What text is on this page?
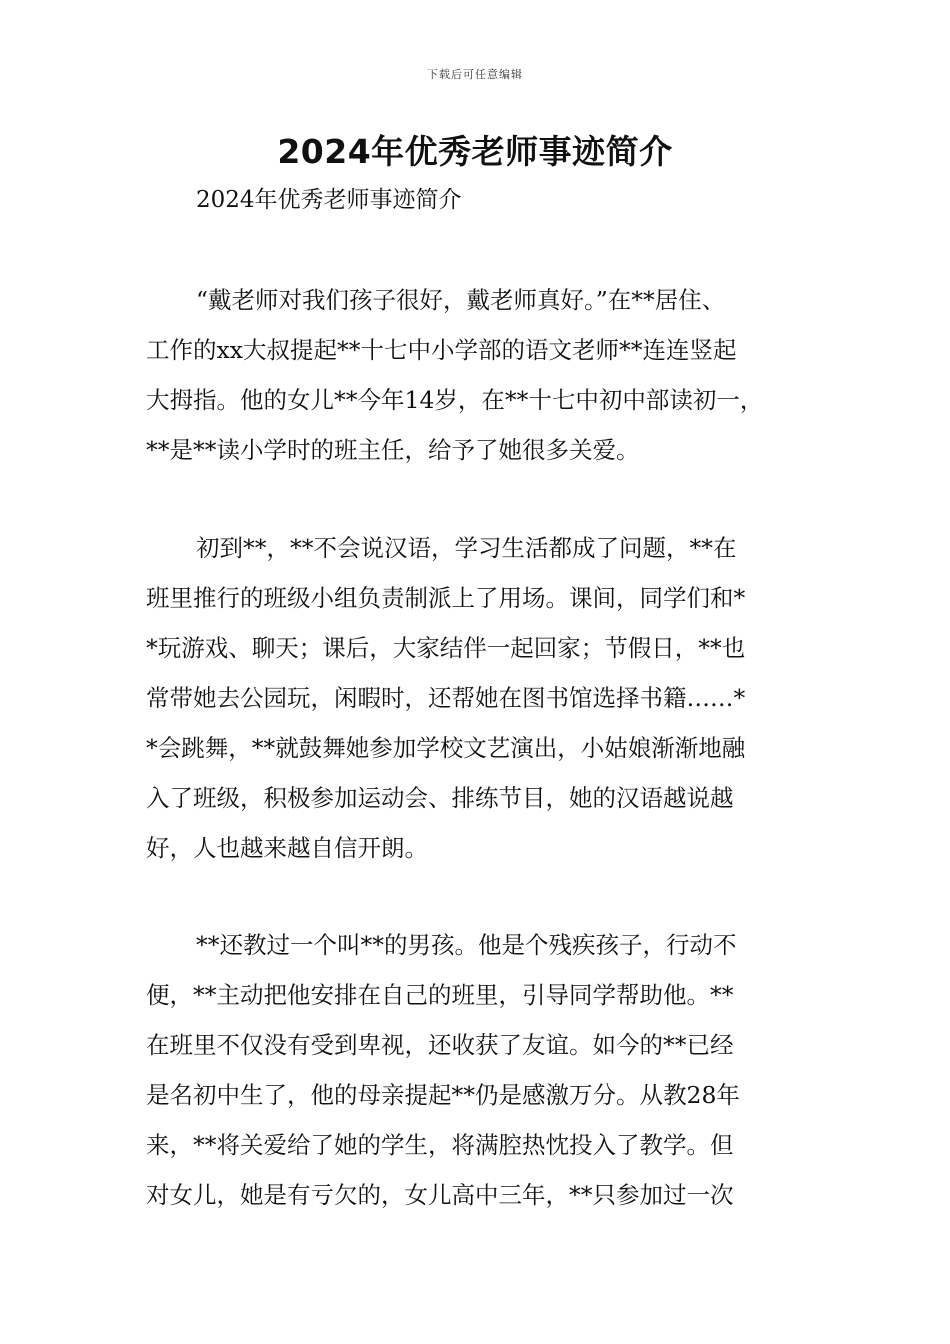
下载后可任意编辑
2024年优秀老师事迹简介
2024年优秀老师事迹简介
“戴老师对我们孩子很好，戴老师真好。”在**居住、
工作的xx大叔提起**十七中小学部的语文老师**连连竖起
大拇指。他的女儿**今年14岁，在**十七中初中部读初一，
**是**读小学时的班主任，给予了她很多关爱。
初到**，**不会说汉语，学习生活都成了问题，**在
班里推行的班级小组负责制派上了用场。课间，同学们和*
*玩游戏、聊天；课后，大家结伴一起回家；节假日，**也
常带她去公园玩，闲暇时，还帮她在图书馆选择书籍……*
*会跳舞，**就鼓舞她参加学校文艺演出，小姑娘渐渐地融
入了班级，积极参加运动会、排练节目，她的汉语越说越
好，人也越来越自信开朗。
**还教过一个叫**的男孩。他是个残疾孩子，行动不
便，**主动把他安排在自己的班里，引导同学帮助他。**
在班里不仅没有受到卑视，还收获了友谊。如今的**已经
是名初中生了，他的母亲提起**仍是感激万分。从教28年
来，**将关爱给了她的学生，将满腔热忱投入了教学。但
对女儿，她是有亏欠的，女儿高中三年，**只参加过一次
